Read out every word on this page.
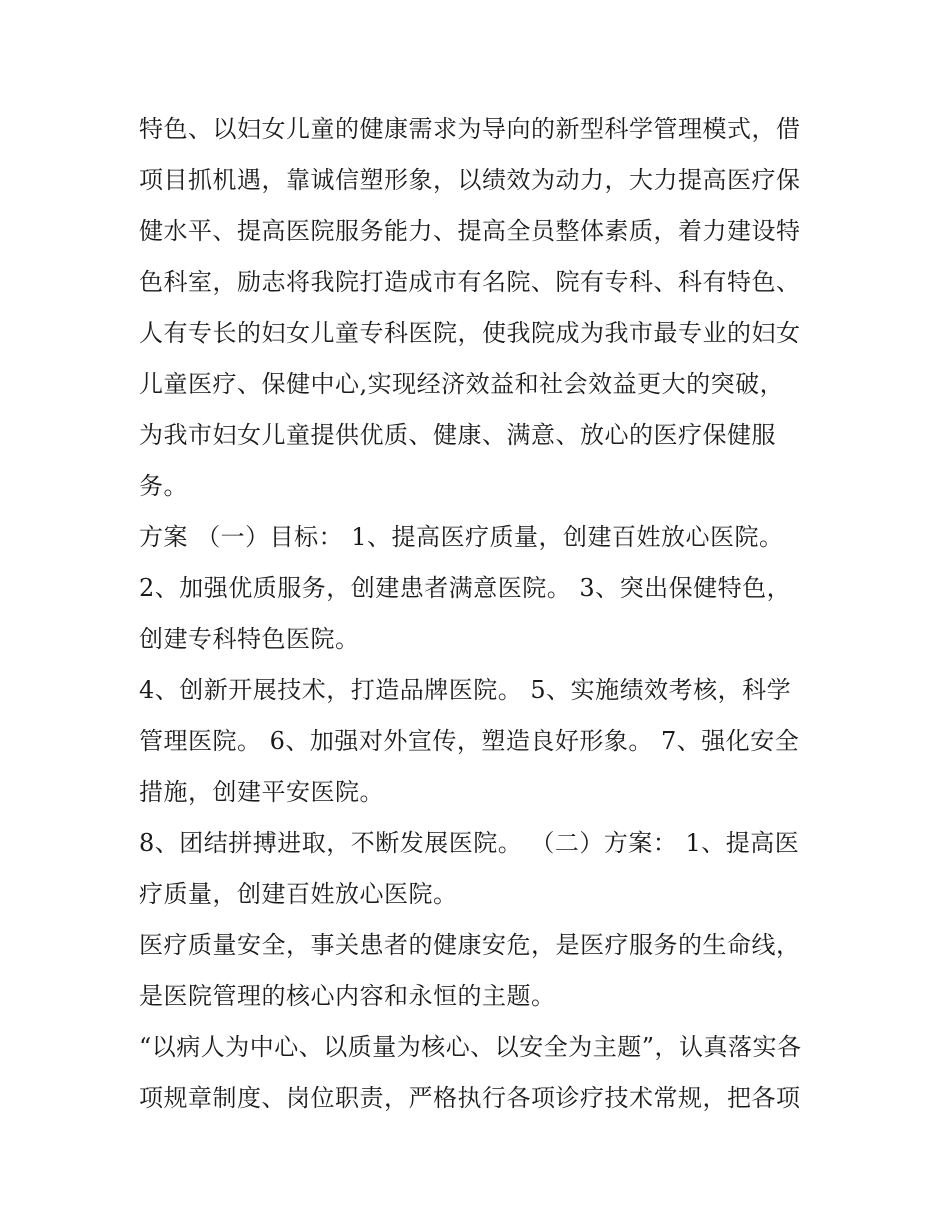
特色、以妇女儿童的健康需求为导向的新型科学管理模式，借
项目抓机遇，靠诚信塑形象，以绩效为动力，大力提高医疗保
健水平、提高医院服务能力、提高全员整体素质，着力建设特
色科室，励志将我院打造成市有名院、院有专科、科有特色、
人有专长的妇女儿童专科医院，使我院成为我市最专业的妇女
儿童医疗、保健中心,实现经济效益和社会效益更大的突破，
为我市妇女儿童提供优质、健康、满意、放心的医疗保健服
务。
方案 （一）目标： 1、提高医疗质量，创建百姓放心医院。
2、加强优质服务，创建患者满意医院。 3、突出保健特色，
创建专科特色医院。
4、创新开展技术，打造品牌医院。 5、实施绩效考核，科学
管理医院。 6、加强对外宣传，塑造良好形象。 7、强化安全
措施，创建平安医院。
8、团结拼搏进取，不断发展医院。 （二）方案： 1、提高医
疗质量，创建百姓放心医院。
医疗质量安全，事关患者的健康安危，是医疗服务的生命线，
是医院管理的核心内容和永恒的主题。
“以病人为中心、以质量为核心、以安全为主题”，认真落实各
项规章制度、岗位职责，严格执行各项诊疗技术常规，把各项
